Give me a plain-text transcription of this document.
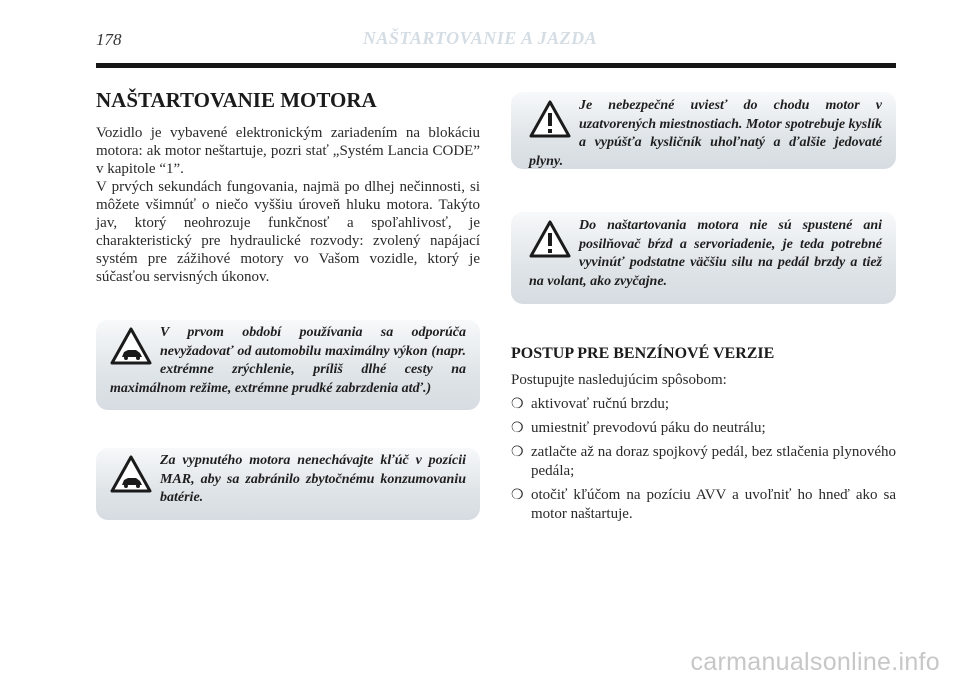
178	NAŠTARTOVANIE A JAZDA
NAŠTARTOVANIE MOTORA

Vozidlo je vybavené elektronickým zariadením na blokáciu motora: ak motor neštartuje, pozri stať „Systém Lancia CODE” v kapitole “1”.

V prvých sekundách fungovania, najmä po dlhej nečinnosti, si môžete všimnúť o niečo vyššiu úroveň hluku motora. Takýto jav, ktorý neohrozuje funkčnosť a spoľahlivosť, je charakteristický pre hydraulické rozvody: zvolený napájací systém pre zážihové motory vo Vašom vozidle, ktorý je súčasťou servisných úkonov.

V prvom období používania sa odporúča nevyžadovať od automobilu maximálny výkon (napr. extrémne zrýchlenie, príliš dlhé cesty na maximálnom režime, extrémne prudké zabrzdenia atď.)
Za vypnutého motora nenechávajte kľúč v pozícii MAR, aby sa zabránilo zbytočnému konzumovaniu batérie.
Je nebezpečné uviesť do chodu motor v uzatvorených miestnostiach. Motor spotrebuje kyslík a vypúšťa kysličník uhoľnatý a ďalšie jedovaté plyny.
Do naštartovania motora nie sú spustené ani posilňovač bŕzd a servoriadenie, je teda potrebné vyvinúť podstatne väčšiu silu na pedál brzdy a tiež na volant, ako zvyčajne.
POSTUP PRE BENZÍNOVÉ VERZIE

Postupujte nasledujúcim spôsobom:

❍ aktivovať ručnú brzdu;
❍ umiestniť prevodovú páku do neutrálu;
❍ zatlačte až na doraz spojkový pedál, bez stlačenia plynového pedála;
❍ otočiť kľúčom na pozíciu AVV a uvoľniť ho hneď ako sa motor naštartuje.
carmanualsonline.info
